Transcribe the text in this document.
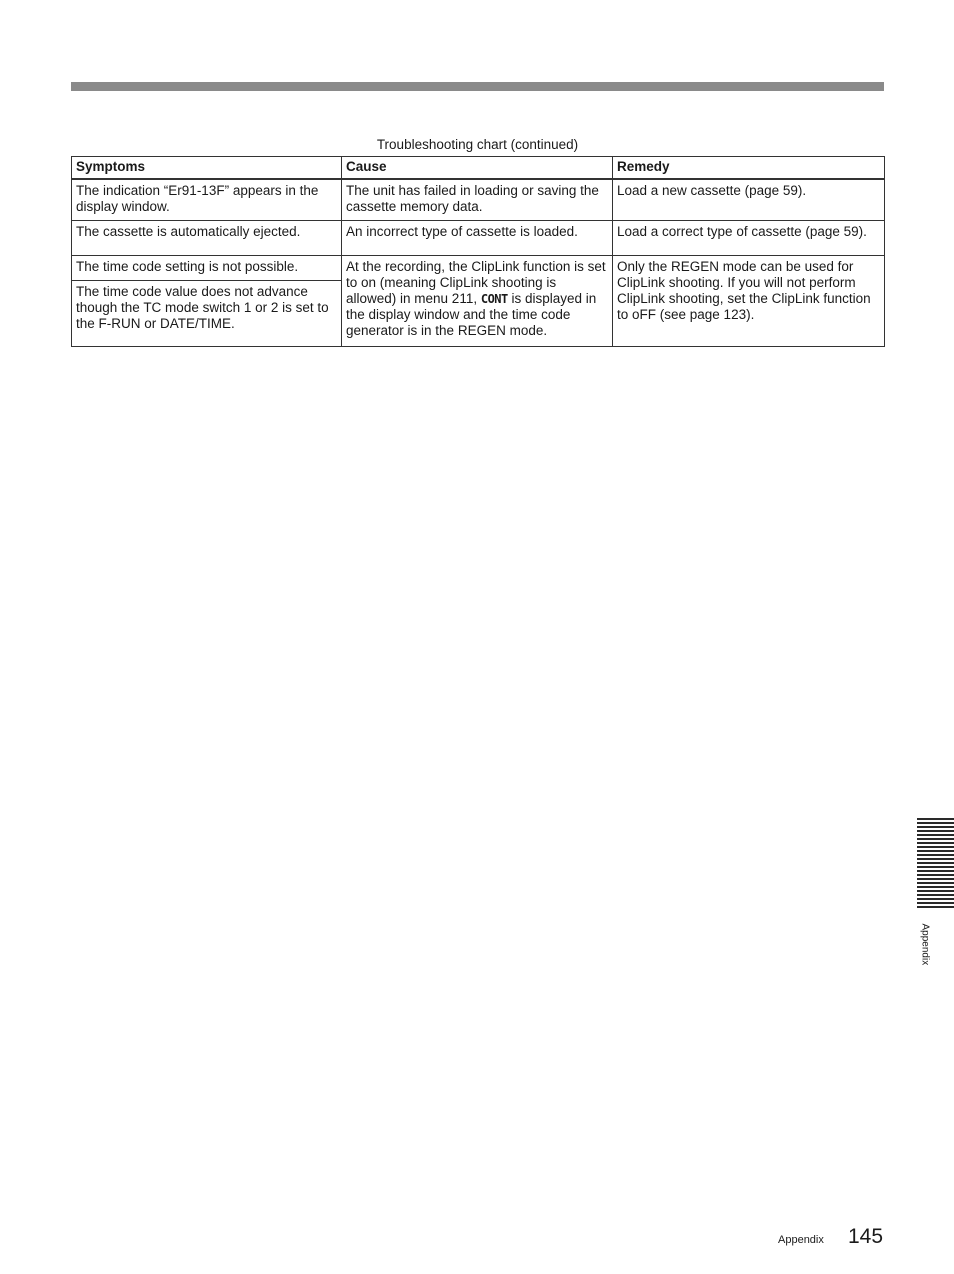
Troubleshooting chart (continued)
Symptoms	Cause	Remedy
The indication “Er91-13F” appears in the display window.	The unit has failed in loading or saving the cassette memory data.	Load a new cassette (page 59).
The cassette is automatically ejected.	An incorrect type of cassette is loaded.	Load a correct type of cassette (page 59).
The time code setting is not possible.	At the recording, the ClipLink function is set to on (meaning ClipLink shooting is allowed) in menu 211, CONT is displayed in the display window and the time code generator is in the REGEN mode.	Only the REGEN mode can be used for ClipLink shooting. If you will not perform ClipLink shooting, set the ClipLink function to oFF (see page 123).
The time code value does not advance though the TC mode switch 1 or 2 is set to the F-RUN or DATE/TIME.		
Appendix
Appendix 145
